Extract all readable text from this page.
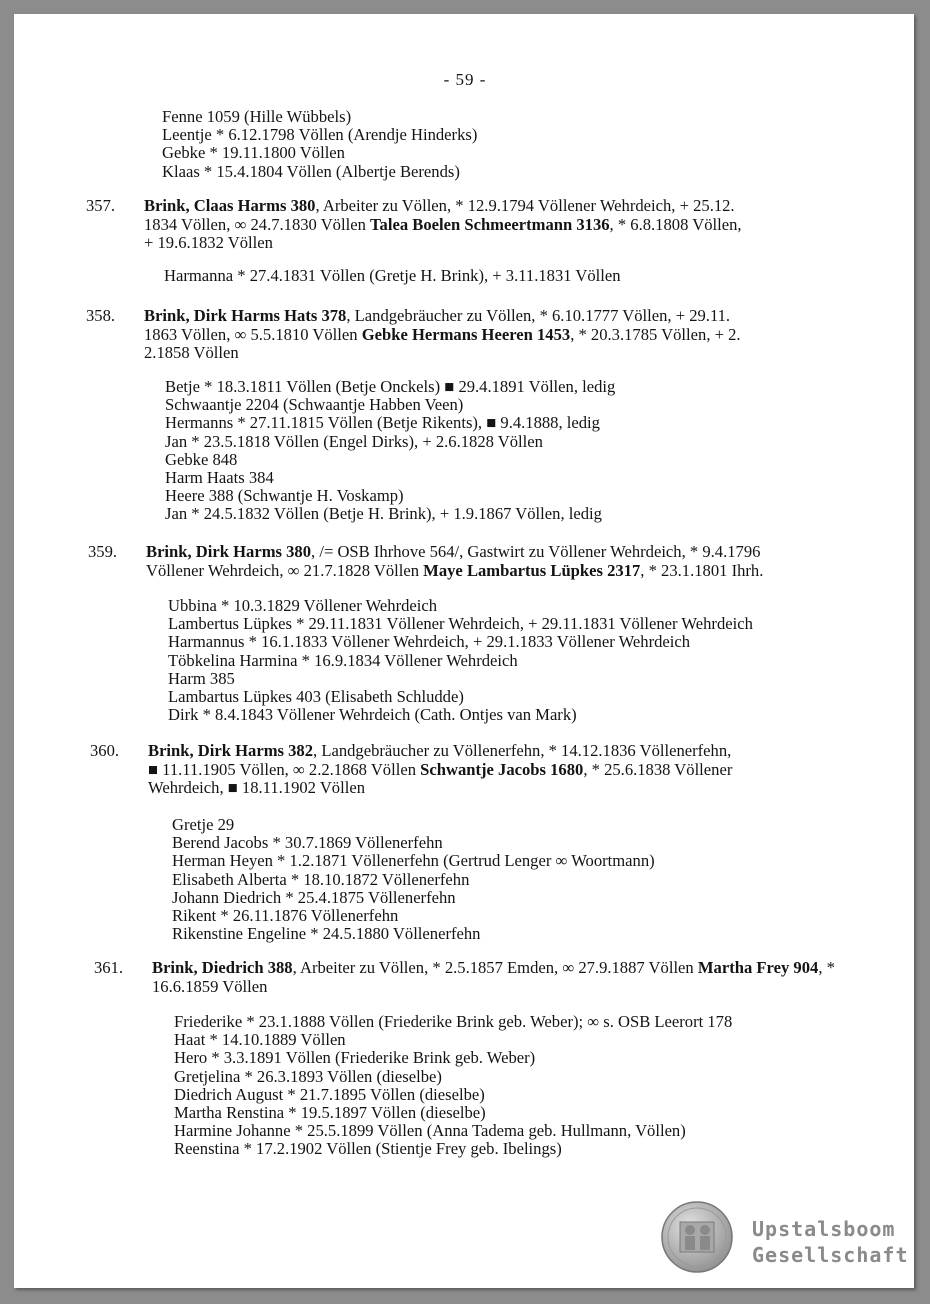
- 59 -
Fenne 1059 (Hille Wübbels)
Leentje * 6.12.1798 Völlen (Arendje Hinderks)
Gebke * 19.11.1800 Völlen
Klaas * 15.4.1804 Völlen (Albertje Berends)
357. Brink, Claas Harms 380, Arbeiter zu Völlen, * 12.9.1794 Völlener Wehrdeich, + 25.12.
1834 Völlen, ∞ 24.7.1830 Völlen Talea Boelen Schmeertmann 3136, * 6.8.1808 Völlen,
+ 19.6.1832 Völlen
Harmanna * 27.4.1831 Völlen (Gretje H. Brink), + 3.11.1831 Völlen
358. Brink, Dirk Harms Hats 378, Landgebräucher zu Völlen, * 6.10.1777 Völlen, + 29.11.
1863 Völlen, ∞ 5.5.1810 Völlen Gebke Hermans Heeren 1453, * 20.3.1785 Völlen, + 2.
2.1858 Völlen
Betje * 18.3.1811 Völlen (Betje Onckels) ■ 29.4.1891 Völlen, ledig
Schwaantje 2204 (Schwaantje Habben Veen)
Hermanns * 27.11.1815 Völlen (Betje Rikents), ■ 9.4.1888, ledig
Jan * 23.5.1818 Völlen (Engel Dirks), + 2.6.1828 Völlen
Gebke 848
Harm Haats 384
Heere 388 (Schwantje H. Voskamp)
Jan * 24.5.1832 Völlen (Betje H. Brink), + 1.9.1867 Völlen, ledig
359. Brink, Dirk Harms 380, /= OSB Ihrhove 564/, Gastwirt zu Völlener Wehrdeich, * 9.4.1796
Völlener Wehrdeich, ∞ 21.7.1828 Völlen Maye Lambartus Lüpkes 2317, * 23.1.1801 Ihrh.
Ubbina * 10.3.1829 Völlener Wehrdeich
Lambertus Lüpkes * 29.11.1831 Völlener Wehrdeich, + 29.11.1831 Völlener Wehrdeich
Harmannus * 16.1.1833 Völlener Wehrdeich, + 29.1.1833 Völlener Wehrdeich
Töbkelina Harmina * 16.9.1834 Völlener Wehrdeich
Harm 385
Lambartus Lüpkes 403 (Elisabeth Schludde)
Dirk * 8.4.1843 Völlener Wehrdeich (Cath. Ontjes van Mark)
360. Brink, Dirk Harms 382, Landgebräucher zu Völlenerfehn, * 14.12.1836 Völlenerfehn,
■ 11.11.1905 Völlen, ∞ 2.2.1868 Völlen Schwantje Jacobs 1680, * 25.6.1838 Völlener
Wehrdeich, ■ 18.11.1902 Völlen
Gretje 29
Berend Jacobs * 30.7.1869 Völlenerfehn
Herman Heyen * 1.2.1871 Völlenerfehn (Gertrud Lenger ∞ Woortmann)
Elisabeth Alberta * 18.10.1872 Völlenerfehn
Johann Diedrich * 25.4.1875 Völlenerfehn
Rikent * 26.11.1876 Völlenerfehn
Rikenstine Engeline * 24.5.1880 Völlenerfehn
361. Brink, Diedrich 388, Arbeiter zu Völlen, * 2.5.1857 Emden, ∞ 27.9.1887 Völlen Martha Frey 904, * 16.6.1859 Völlen
Friederike * 23.1.1888 Völlen (Friederike Brink geb. Weber); ∞ s. OSB Leerort 178
Haat * 14.10.1889 Völlen
Hero * 3.3.1891 Völlen (Friederike Brink geb. Weber)
Gretjelina * 26.3.1893 Völlen (dieselbe)
Diedrich August * 21.7.1895 Völlen (dieselbe)
Martha Renstina * 19.5.1897 Völlen (dieselbe)
Harmine Johanne * 25.5.1899 Völlen (Anna Tadema geb. Hullmann, Völlen)
Reenstina * 17.2.1902 Völlen (Stientje Frey geb. Ibelings)
Upstalsboom
Gesellschaft
